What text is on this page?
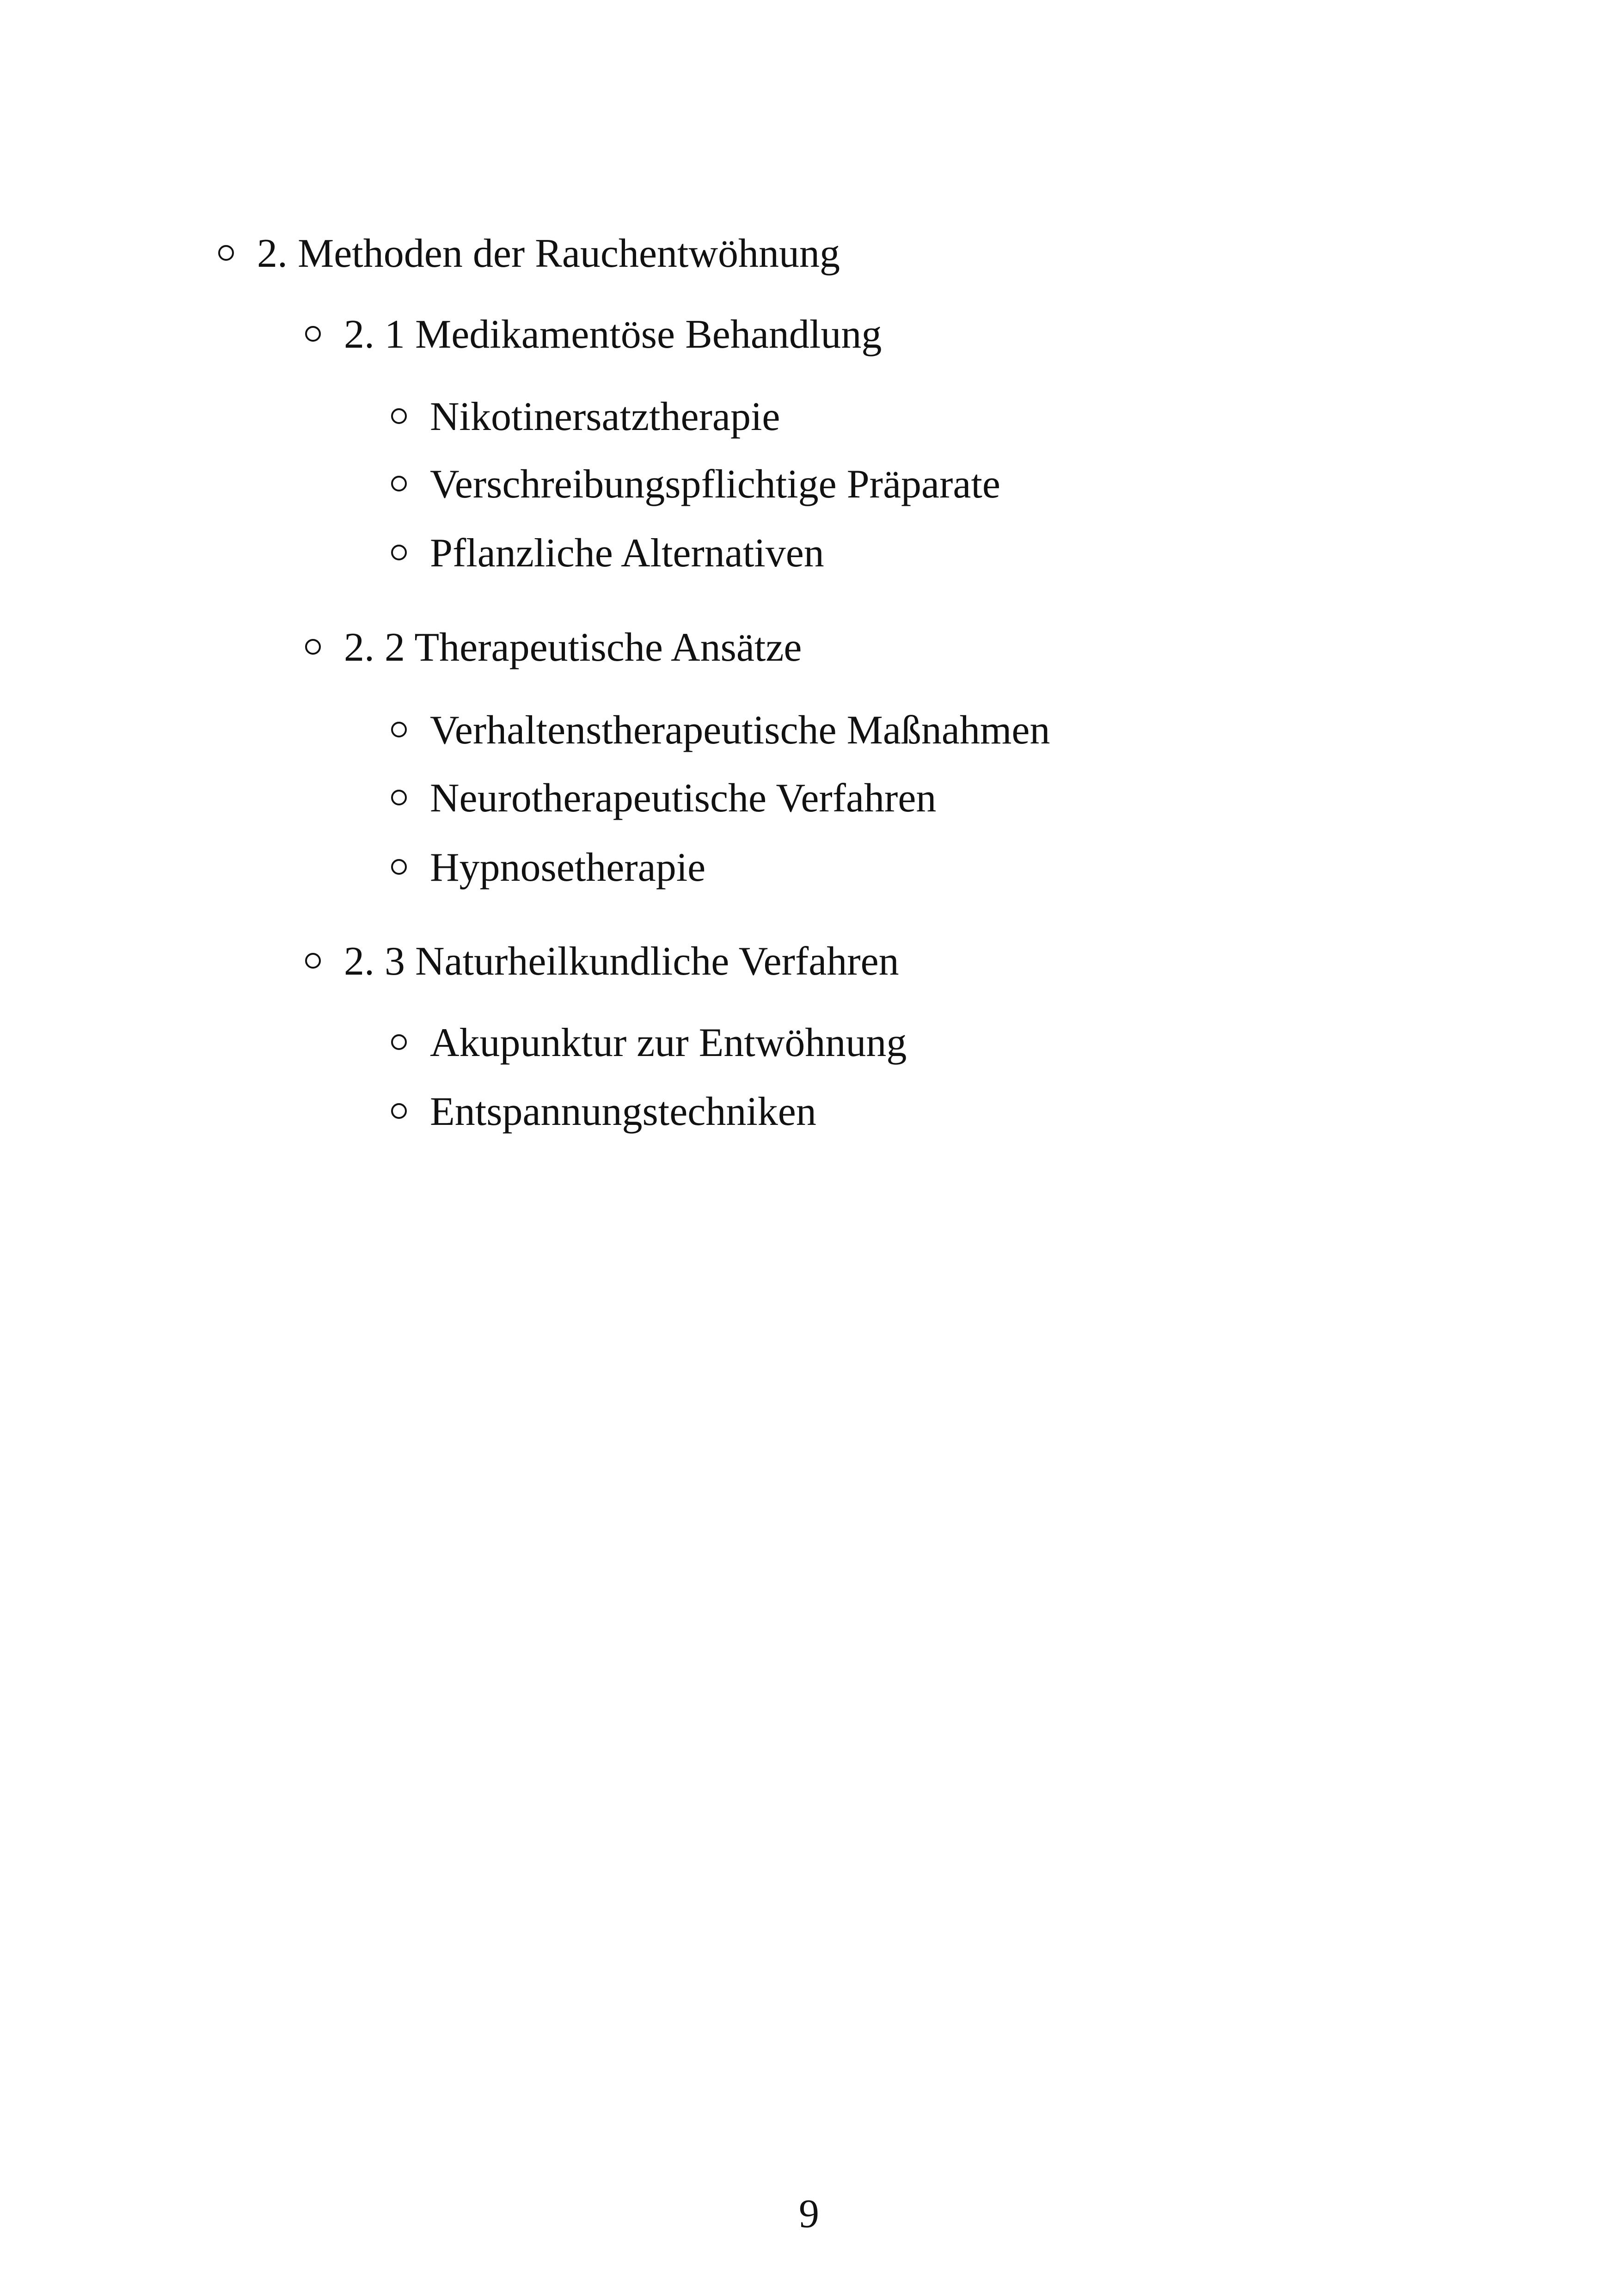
2. Methoden der Rauchentwöhnung
2. 1 Medikamentöse Behandlung
Nikotinersatztherapie
Verschreibungspflichtige Präparate
Pflanzliche Alternativen
2. 2 Therapeutische Ansätze
Verhaltenstherapeutische Maßnahmen
Neurotherapeutische Verfahren
Hypnosetherapie
2. 3 Naturheilkundliche Verfahren
Akupunktur zur Entwöhnung
Entspannungstechniken
9
